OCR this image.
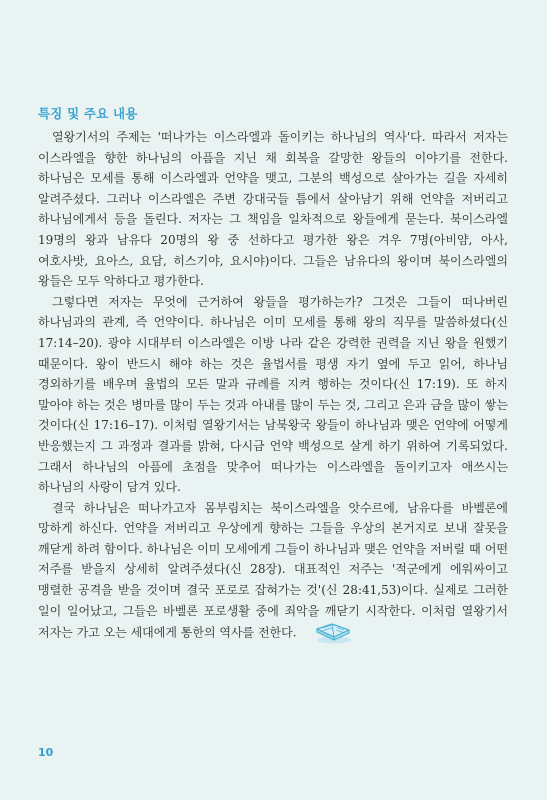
특징 및 주요 내용

열왕기서의 주제는 '떠나가는 이스라엘과 돌이키는 하나님의 역사'다. 따라서 저자는 이스라엘을 향한 하나님의 아픔을 지닌 채 회복을 갈망한 왕들의 이야기를 전한다. 하나님은 모세를 통해 이스라엘과 언약을 맺고, 그분의 백성으로 살아가는 길을 자세히 알려주셨다. 그러나 이스라엘은 주변 강대국들 틈에서 살아남기 위해 언약을 저버리고 하나님에게서 등을 돌린다. 저자는 그 책임을 일차적으로 왕들에게 묻는다. 북이스라엘 19명의 왕과 남유다 20명의 왕 중 선하다고 평가한 왕은 겨우 7명(아비얌, 아사, 여호사밧, 요아스, 요담, 히스기야, 요시야)이다. 그들은 남유다의 왕이며 북이스라엘의 왕들은 모두 악하다고 평가한다.

그렇다면 저자는 무엇에 근거하여 왕들을 평가하는가? 그것은 그들이 떠나버린 하나님과의 관계, 즉 언약이다. 하나님은 이미 모세를 통해 왕의 직무를 말씀하셨다(신 17:14–20). 광야 시대부터 이스라엘은 이방 나라 같은 강력한 권력을 지닌 왕을 원했기 때문이다. 왕이 반드시 해야 하는 것은 율법서를 평생 자기 옆에 두고 읽어, 하나님 경외하기를 배우며 율법의 모든 말과 규례를 지켜 행하는 것이다(신 17:19). 또 하지 말아야 하는 것은 병마를 많이 두는 것과 아내를 많이 두는 것, 그리고 은과 금을 많이 쌓는 것이다(신 17:16–17). 이처럼 열왕기서는 남북왕국 왕들이 하나님과 맺은 언약에 어떻게 반응했는지 그 과정과 결과를 밝혀, 다시금 언약 백성으로 살게 하기 위하여 기록되었다. 그래서 하나님의 아픔에 초점을 맞추어 떠나가는 이스라엘을 돌이키고자 애쓰시는 하나님의 사랑이 담겨 있다.

결국 하나님은 떠나가고자 몸부림치는 북이스라엘을 앗수르에, 남유다를 바벨론에 망하게 하신다. 언약을 저버리고 우상에게 향하는 그들을 우상의 본거지로 보내 잘못을 깨닫게 하려 함이다. 하나님은 이미 모세에게 그들이 하나님과 맺은 언약을 저버릴 때 어떤 저주를 받을지 상세히 알려주셨다(신 28장). 대표적인 저주는 '적군에게 에워싸이고 맹렬한 공격을 받을 것이며 결국 포로로 잡혀가는 것'(신 28:41,53)이다. 실제로 그러한 일이 일어났고, 그들은 바벨론 포로생활 중에 죄악을 깨닫기 시작한다. 이처럼 열왕기서 저자는 가고 오는 세대에게 통한의 역사를 전한다.

10
